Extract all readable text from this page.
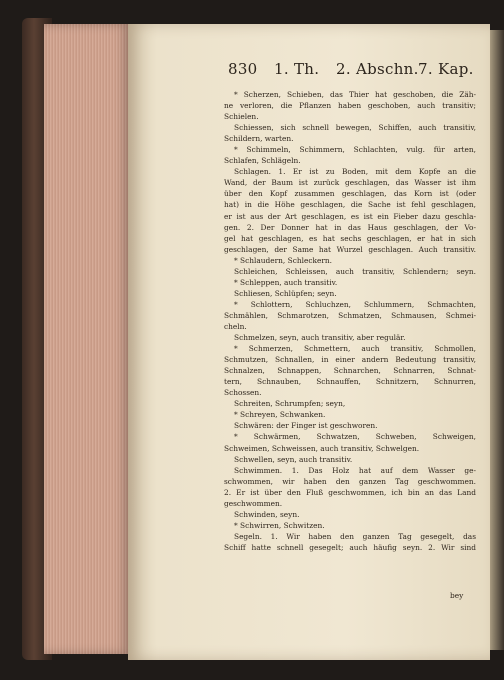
830 1. Th. 2. Abschn. 7. Kap.
* Scherzen, Schieben, das Thier hat geschoben, die Zäh-
ne verloren, die Pflanzen haben geschoben, auch transitiv;
Schielen.
Schiessen, sich schnell bewegen, Schiffen, auch transitiv,
Schildern, warten.
* Schimmeln, Schimmern, Schlachten, vulg. für arten,
Schlafen, Schlägeln.
Schlagen. 1. Er ist zu Boden, mit dem Kopfe an die
Wand, der Baum ist zurück geschlagen, das Wasser ist ihm
über den Kopf zusammen geschlagen, das Korn ist (oder
hat) in die Höhe geschlagen, die Sache ist fehl geschlagen,
er ist aus der Art geschlagen, es ist ein Fieber dazu geschla-
gen. 2. Der Donner hat in das Haus geschlagen, der Vo-
gel hat geschlagen, es hat sechs geschlagen, er hat in sich
geschlagen, der Same hat Wurzel geschlagen. Auch transitiv.
* Schlaudern, Schleckern.
Schleichen, Schleissen, auch transitiv, Schlendern; seyn.
* Schleppen, auch transitiv.
Schliesen, Schlüpfen; seyn.
* Schlottern, Schluchzen, Schlummern, Schmachten,
Schmählen, Schmarotzen, Schmatzen, Schmausen, Schmei-
cheln.
Schmelzen, seyn, auch transitiv, aber regulär.
* Schmerzen, Schmettern, auch transitiv, Schmollen,
Schmutzen, Schnallen, in einer andern Bedeutung transitiv,
Schnalzen, Schnappen, Schnarchen, Schnarren, Schnat-
tern, Schnauben, Schnauffen, Schnitzern, Schnurren,
Schossen.
Schreiten, Schrumpfen; seyn,
* Schreyen, Schwanken.
Schwären: der Finger ist geschworen.
* Schwärmen, Schwatzen, Schweben, Schweigen,
Schweimen, Schweissen, auch transitiv, Schwelgen.
Schwellen, seyn, auch transitiv.
Schwimmen. 1. Das Holz hat auf dem Wasser ge-
schwommen, wir haben den ganzen Tag geschwommen.
2. Er ist über den Fluß geschwommen, ich bin an das Land
geschwommen.
Schwinden, seyn.
* Schwirren, Schwitzen.
Segeln. 1. Wir haben den ganzen Tag gesegelt, das
Schiff hatte schnell gesegelt; auch häufig seyn. 2. Wir sind
bey
